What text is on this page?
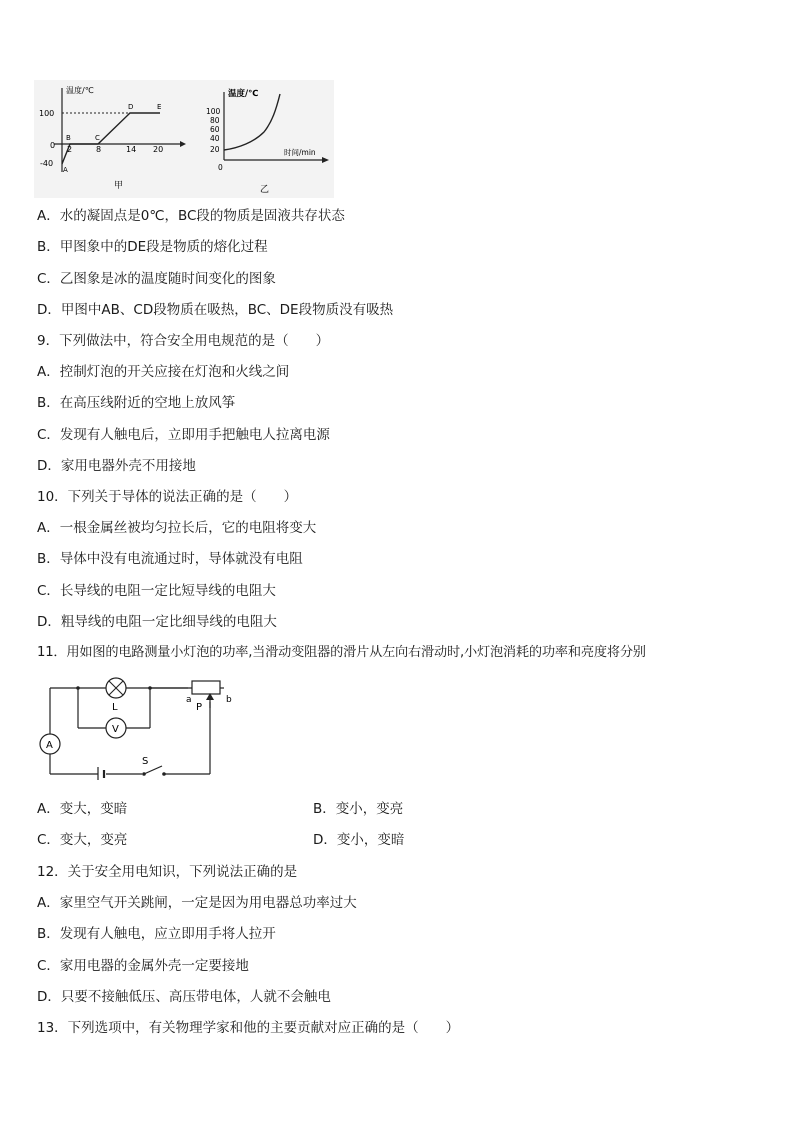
温度/℃
100
0
-40
2	8	14 20
A
B	C
D	E
甲
温度/℃
100
80
60
40
20
0
时间/min
乙
A．水的凝固点是0℃，BC段的物质是固液共存状态
B．甲图象中的DE段是物质的熔化过程
C．乙图象是冰的温度随时间变化的图象
D．甲图中AB、CD段物质在吸热，BC、DE段物质没有吸热
9．下列做法中，符合安全用电规范的是（　　）
A．控制灯泡的开关应接在灯泡和火线之间
B．在高压线附近的空地上放风筝
C．发现有人触电后，立即用手把触电人拉离电源
D．家用电器外壳不用接地
10．下列关于导体的说法正确的是（　　）
A．一根金属丝被均匀拉长后，它的电阻将变大
B．导体中没有电流通过时，导体就没有电阻
C．长导线的电阻一定比短导线的电阻大
D．粗导线的电阻一定比细导线的电阻大
11．用如图的电路测量小灯泡的功率,当滑动变阻器的滑片从左向右滑动时,小灯泡消耗的功率和亮度将分别
L
V
A
S
a	b
P
A．变大，变暗	B．变小，变亮
C．变大，变亮	D．变小，变暗
12．关于安全用电知识，下列说法正确的是
A．家里空气开关跳闸，一定是因为用电器总功率过大
B．发现有人触电，应立即用手将人拉开
C．家用电器的金属外壳一定要接地
D．只要不接触低压、高压带电体，人就不会触电
13．下列选项中，有关物理学家和他的主要贡献对应正确的是（　　）
